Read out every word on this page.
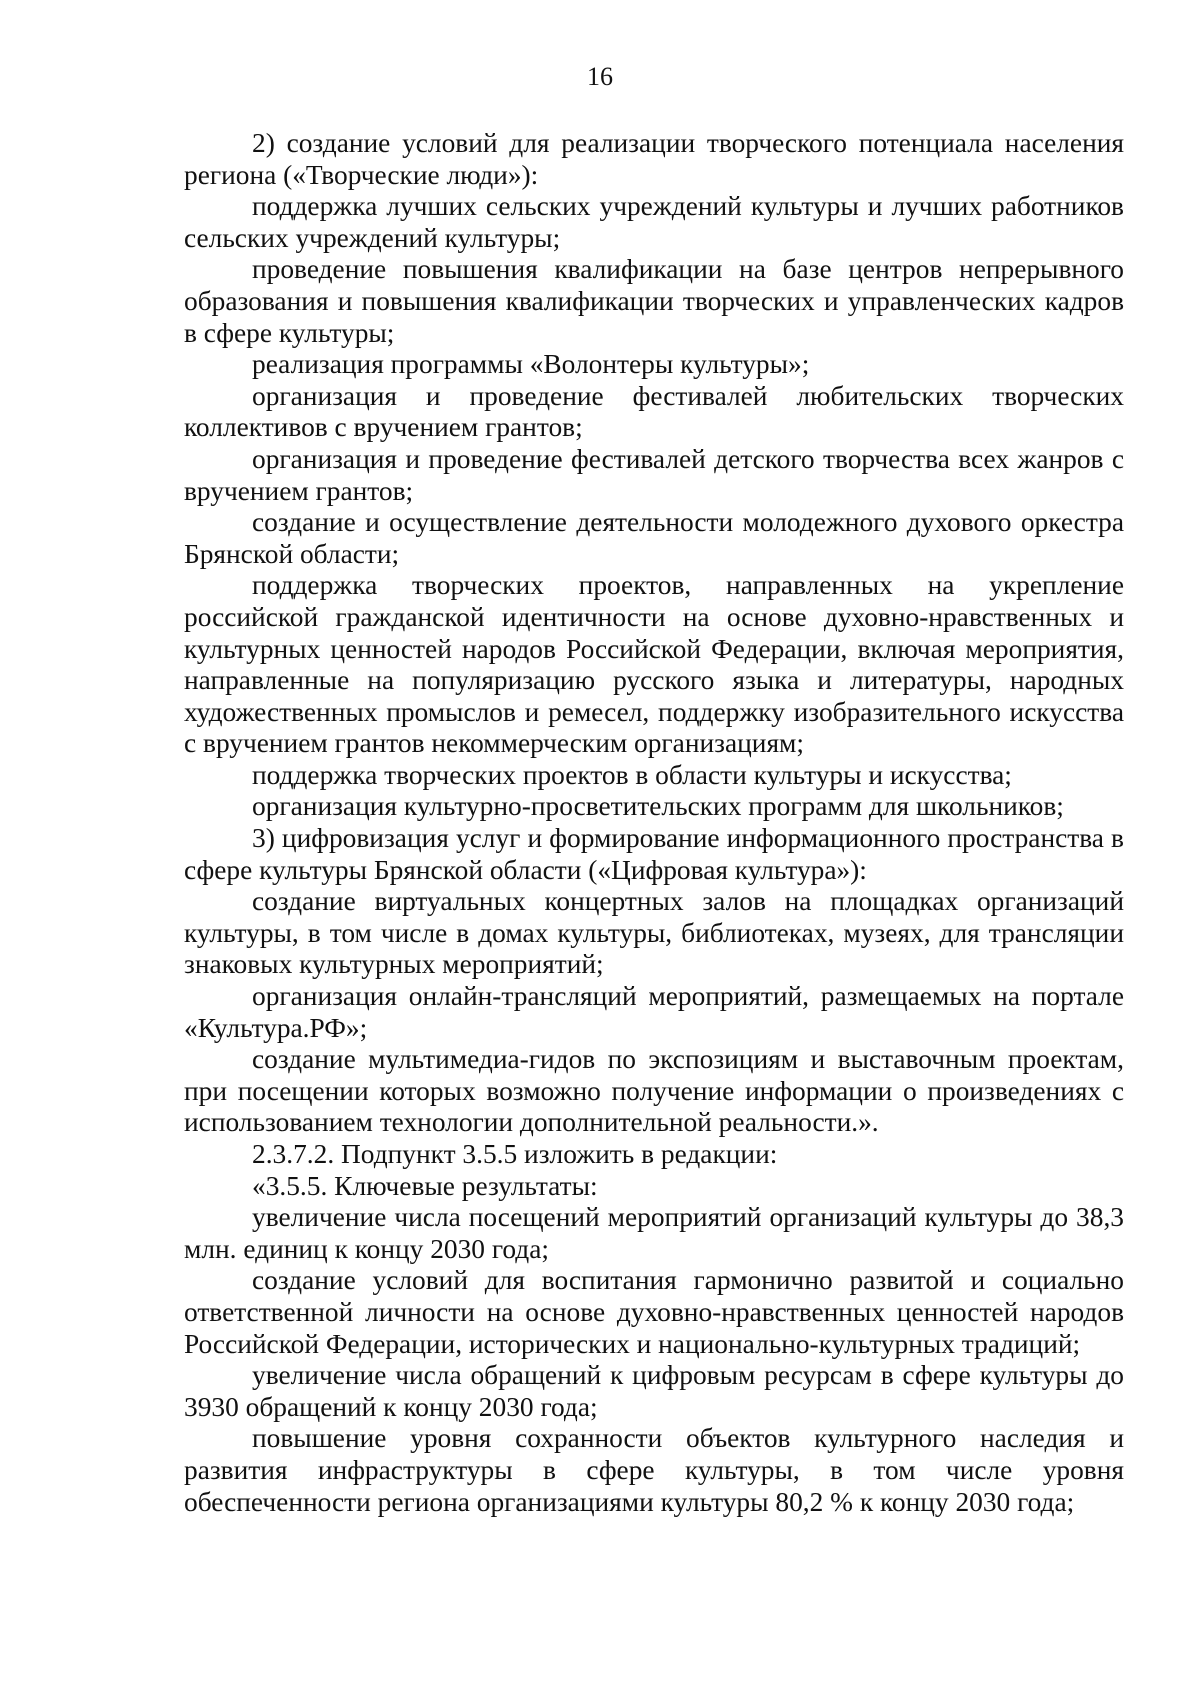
16

2) создание условий для реализации творческого потенциала населения региона («Творческие люди»):

поддержка лучших сельских учреждений культуры и лучших работников сельских учреждений культуры;

проведение повышения квалификации на базе центров непрерывного образования и повышения квалификации творческих и управленческих кадров в сфере культуры;

реализация программы «Волонтеры культуры»;

организация и проведение фестивалей любительских творческих коллективов с вручением грантов;

организация и проведение фестивалей детского творчества всех жанров с вручением грантов;

создание и осуществление деятельности молодежного духового оркестра Брянской области;

поддержка творческих проектов, направленных на укрепление российской гражданской идентичности на основе духовно-нравственных и культурных ценностей народов Российской Федерации, включая мероприятия, направленные на популяризацию русского языка и литературы, народных художественных промыслов и ремесел, поддержку изобразительного искусства с вручением грантов некоммерческим организациям;

поддержка творческих проектов в области культуры и искусства;

организация культурно-просветительских программ для школьников;

3) цифровизация услуг и формирование информационного пространства в сфере культуры Брянской области («Цифровая культура»):

создание виртуальных концертных залов на площадках организаций культуры, в том числе в домах культуры, библиотеках, музеях, для трансляции знаковых культурных мероприятий;

организация онлайн-трансляций мероприятий, размещаемых на портале «Культура.РФ»;

создание мультимедиа-гидов по экспозициям и выставочным проектам, при посещении которых возможно получение информации о произведениях с использованием технологии дополнительной реальности.».

2.3.7.2. Подпункт 3.5.5 изложить в редакции:

«3.5.5. Ключевые результаты:

увеличение числа посещений мероприятий организаций культуры до 38,3 млн. единиц к концу 2030 года;

создание условий для воспитания гармонично развитой и социально ответственной личности на основе духовно-нравственных ценностей народов Российской Федерации, исторических и национально-культурных традиций;

увеличение числа обращений к цифровым ресурсам в сфере культуры до 3930 обращений к концу 2030 года;

повышение уровня сохранности объектов культурного наследия и развития инфраструктуры в сфере культуры, в том числе уровня обеспеченности региона организациями культуры 80,2 % к концу 2030 года;
